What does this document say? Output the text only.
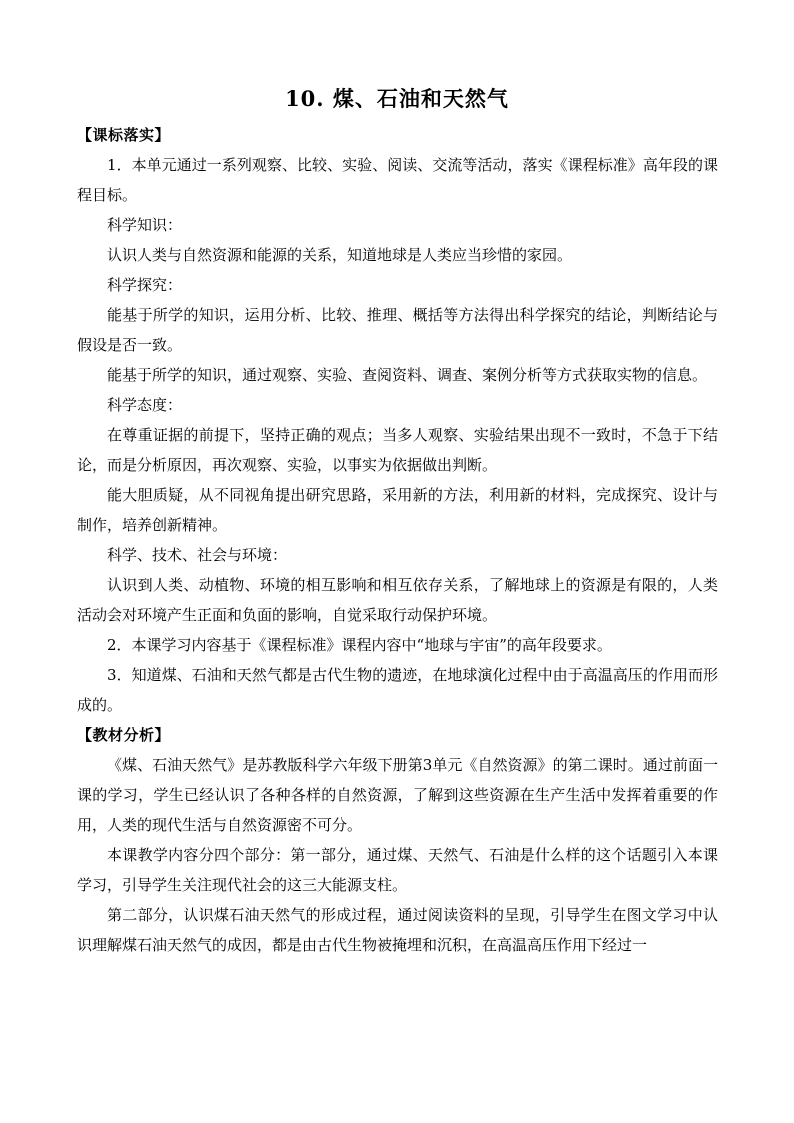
10. 煤、石油和天然气

【课标落实】

1．本单元通过一系列观察、比较、实验、阅读、交流等活动，落实《课程标准》高年段的课程目标。

科学知识：

认识人类与自然资源和能源的关系，知道地球是人类应当珍惜的家园。

科学探究：

能基于所学的知识，运用分析、比较、推理、概括等方法得出科学探究的结论，判断结论与假设是否一致。

能基于所学的知识，通过观察、实验、查阅资料、调查、案例分析等方式获取实物的信息。

科学态度：

在尊重证据的前提下，坚持正确的观点；当多人观察、实验结果出现不一致时，不急于下结论，而是分析原因，再次观察、实验，以事实为依据做出判断。

能大胆质疑，从不同视角提出研究思路，采用新的方法，利用新的材料，完成探究、设计与制作，培养创新精神。

科学、技术、社会与环境：

认识到人类、动植物、环境的相互影响和相互依存关系，了解地球上的资源是有限的，人类活动会对环境产生正面和负面的影响，自觉采取行动保护环境。

2．本课学习内容基于《课程标准》课程内容中“地球与宇宙”的高年段要求。

3．知道煤、石油和天然气都是古代生物的遗迹，在地球演化过程中由于高温高压的作用而形成的。

【教材分析】

《煤、石油天然气》是苏教版科学六年级下册第3单元《自然资源》的第二课时。通过前面一课的学习，学生已经认识了各种各样的自然资源，了解到这些资源在生产生活中发挥着重要的作用，人类的现代生活与自然资源密不可分。

本课教学内容分四个部分：第一部分，通过煤、天然气、石油是什么样的这个话题引入本课学习，引导学生关注现代社会的这三大能源支柱。

第二部分，认识煤石油天然气的形成过程，通过阅读资料的呈现，引导学生在图文学习中认识理解煤石油天然气的成因，都是由古代生物被掩埋和沉积，在高温高压作用下经过一
